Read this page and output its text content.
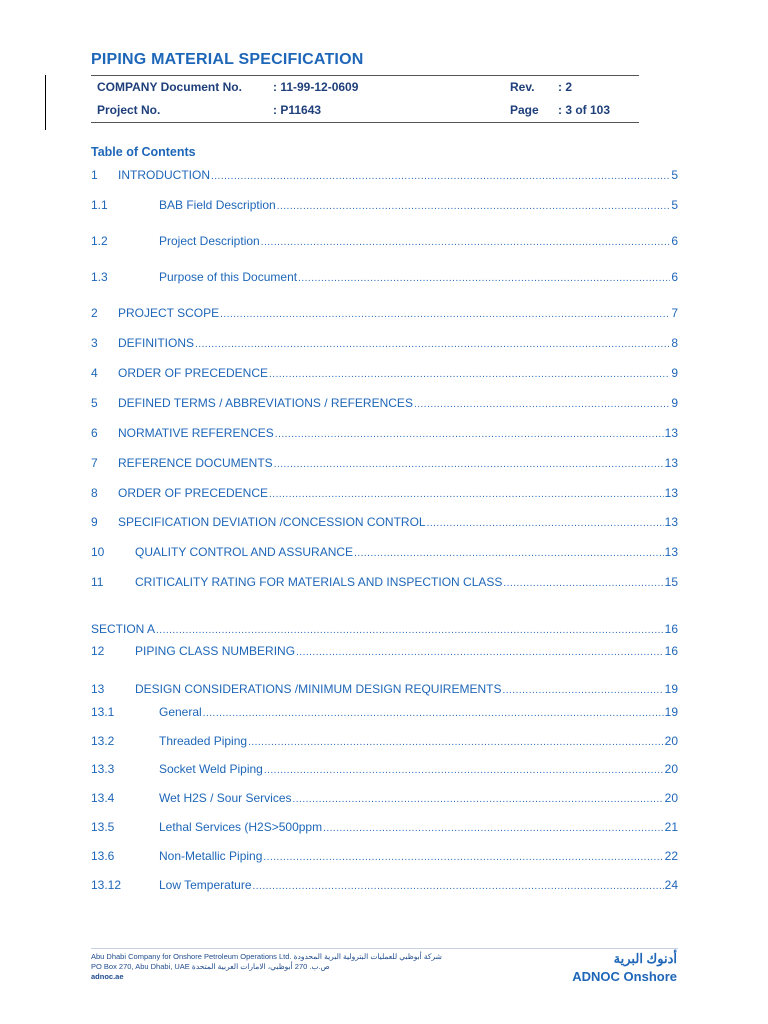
PIPING MATERIAL SPECIFICATION
COMPANY Document No.	: 11-99-12-0609	Rev. : 2
Project No.	: P11643	Page : 3 of 103
Table of Contents
1 INTRODUCTION .....	5
1.1	BAB Field Description .....	5
1.2	Project Description .....	6
1.3	Purpose of this Document .....	6
2 PROJECT SCOPE .....	7
3 DEFINITIONS .....	8
4 ORDER OF PRECEDENCE .....	9
5 DEFINED TERMS / ABBREVIATIONS / REFERENCES .....	9
6 NORMATIVE REFERENCES .....	13
7 REFERENCE DOCUMENTS .....	13
8 ORDER OF PRECEDENCE .....	13
9 SPECIFICATION DEVIATION /CONCESSION CONTROL .....	13
10	QUALITY CONTROL AND ASSURANCE .....	13
11	CRITICALITY RATING FOR MATERIALS AND INSPECTION CLASS .....	15
SECTION A .....	16
12	PIPING CLASS NUMBERING .....	16
13	DESIGN CONSIDERATIONS /MINIMUM DESIGN REQUIREMENTS .....	19
13.1	General .....	19
13.2	Threaded Piping .....	20
13.3	Socket Weld Piping .....	20
13.4	Wet H2S / Sour Services .....	20
13.5	Lethal Services (H2S>500ppm .....	21
13.6	Non-Metallic Piping .....	22
13.12	Low Temperature .....	24
Abu Dhabi Company for Onshore Petroleum Operations Ltd. شركة أبوظبي للعمليات البترولية البرية المحدودة
PO Box 270, Abu Dhabi, UAE ص.ب. 270 أبوظبي، الامارات العربية المتحدة
adnoc.ae
أدنوك البرية
ADNOC Onshore
